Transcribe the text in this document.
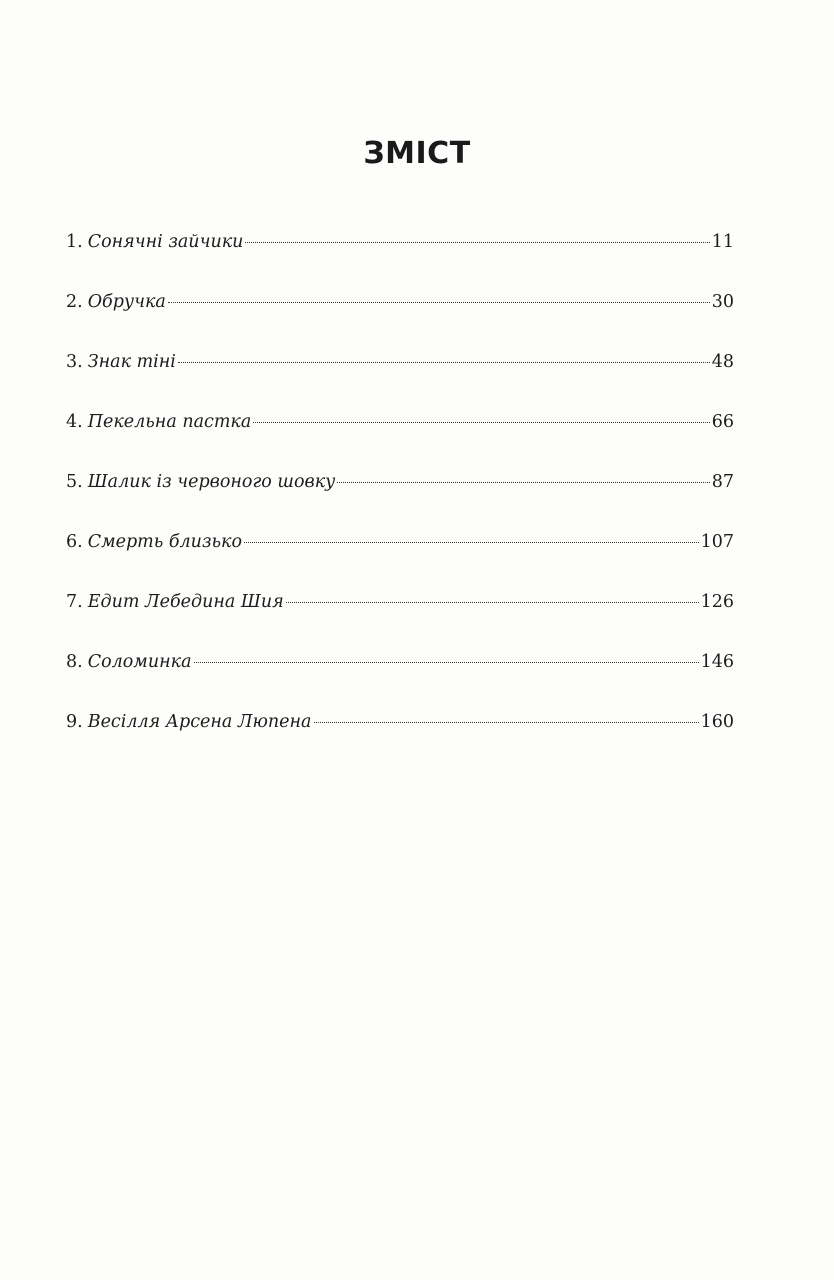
ЗМІСТ
1. Сонячні зайчики	11
2. Обручка	30
3. Знак тіні	48
4. Пекельна пастка	66
5. Шалик із червоного шовку	87
6. Смерть близько	107
7. Едит Лебедина Шия	126
8. Соломинка	146
9. Весілля Арсена Люпена	160
